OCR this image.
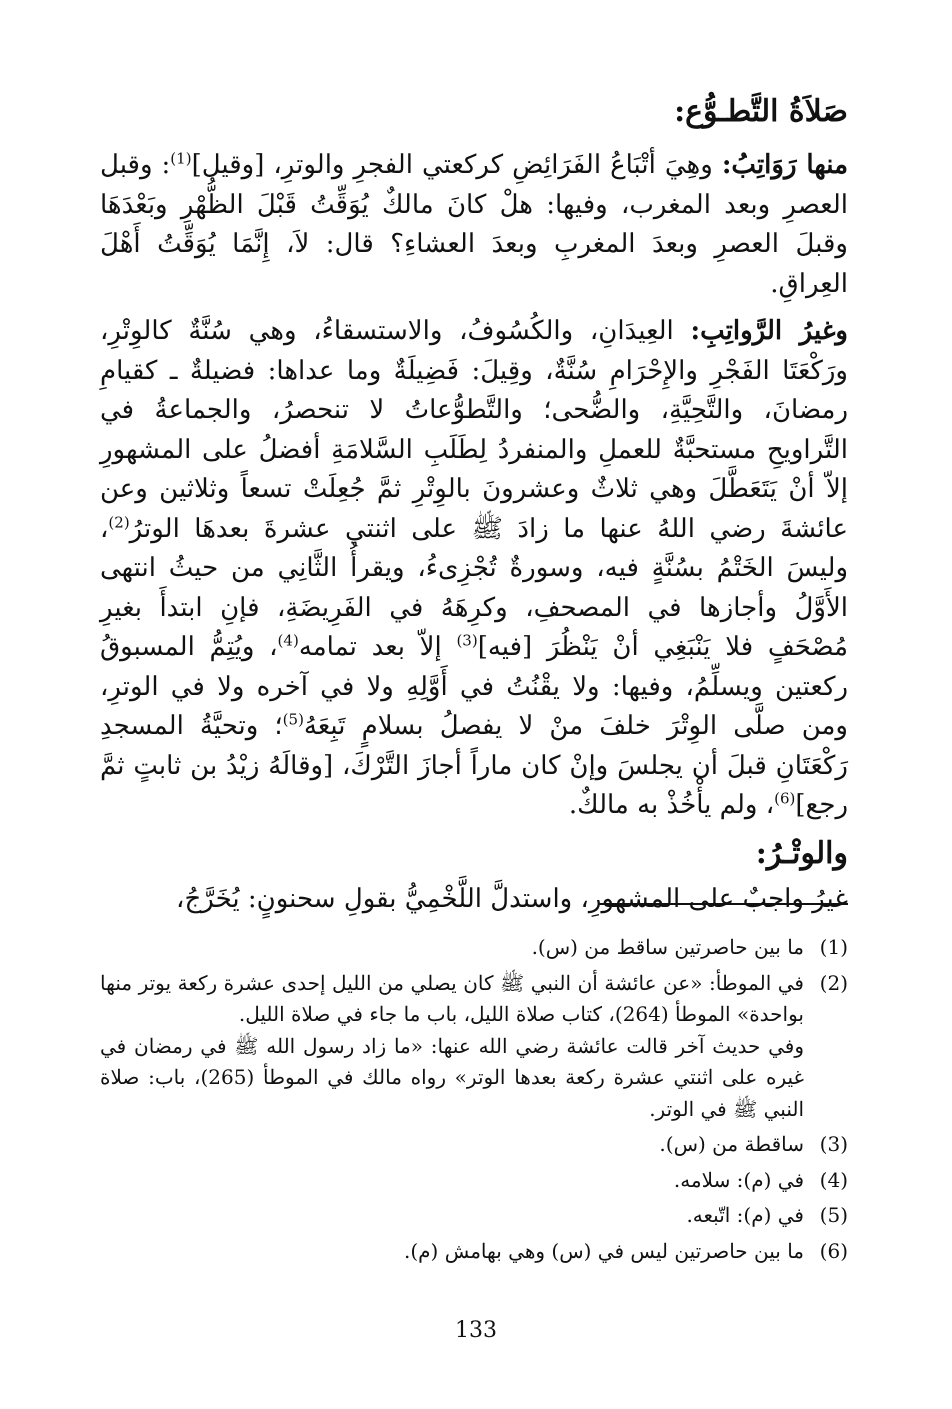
صَلاَةُ التَّطـوُّع:

منها رَوَاتِبُ: وهِيَ أتْبَاعُ الفَرَائِضِ كركعتي الفجرِ والوترِ، [وقيل]$^{(1)}$: وقبل العصرِ وبعد المغرب، وفيها: هلْ كانَ مالكٌ يُوَقِّتُ قَبْلَ الظُّهْرِ وبَعْدَهَا وقبلَ العصرِ وبعدَ المغربِ وبعدَ العشاءِ؟ قال: لاَ، إِنَّمَا يُوَقِّتُ أَهْلَ العِراقِ.

وغيرُ الرَّواتِبِ: العِيدَانِ، والكُسُوفُ، والاستسقاءُ، وهي سُنَّةٌ كالوِتْرِ، ورَكْعَتَا الفَجْرِ والإِحْرَامِ سُنَّةٌ، وقِيلَ: فَضِيلَةٌ وما عداها: فضيلةٌ ـ كقيامِ رمضانَ، والتَّحِيَّةِ، والضُّحى؛ والتَّطوُّعاتُ لا تنحصرُ، والجماعةُ في التَّراويحِ مستحبَّةٌ للعملِ والمنفردُ لِطَلَبِ السَّلامَةِ أفضلُ على المشهورِ إلاّ أنْ يَتَعَطَّلَ وهي ثلاثٌ وعشرونَ بالوِتْرِ ثمَّ جُعِلَتْ تسعاً وثلاثين وعن عائشةَ رضي اللهُ عنها ما زادَ ﷺ على اثنتي عشرةَ بعدهَا الوترُ$^{(2)}$، وليسَ الخَتْمُ بسُنَّةٍ فيه، وسورةٌ تُجْزِىءُ، ويقرأُ الثَّانِي من حيثُ انتهى الأَوَّلُ وأجازها في المصحفِ، وكرِهَهُ في الفَرِيضَةِ، فإنِ ابتدأَ بغيرِ مُصْحَفٍ فلا يَنْبَغِي أنْ يَنْظُرَ [فيه]$^{(3)}$ إلاّ بعد تمامه$^{(4)}$، ويُتِمُّ المسبوقُ ركعتين ويسلِّمُ، وفيها: ولا يقْنُتُ في أَوَّلِهِ ولا في آخره ولا في الوترِ، ومن صلَّى الوِتْرَ خلفَ منْ لا يفصلُ بسلامٍ تَبِعَهُ$^{(5)}$؛ وتحيَّةُ المسجدِ رَكْعَتَانِ قبلَ أن يجلسَ وإنْ كان ماراً أجازَ التَّرْكَ، [وقالَهُ زيْدُ بن ثابتٍ ثمَّ رجع]$^{(6)}$، ولم يأْخُذْ به مالكٌ.

والوتْـرُ:

غيرُ واجبٌ على المشهورِ، واستدلَّ اللَّخْمِيُّ بقولِ سحنونٍ: يُخَرَّجُ،

(1)

ما بين حاصرتين ساقط من (س).

(2)

في الموطأ: «عن عائشة أن النبي ﷺ كان يصلي من الليل إحدى عشرة ركعة يوتر منها بواحدة» الموطأ (264)، كتاب صلاة الليل، باب ما جاء في صلاة الليل.

وفي حديث آخر قالت عائشة رضي الله عنها: «ما زاد رسول الله ﷺ في رمضان في غيره على اثنتي عشرة ركعة بعدها الوتر» رواه مالك في الموطأ (265)، باب: صلاة النبي ﷺ في الوتر.

(3)

ساقطة من (س).

(4)

في (م): سلامه.

(5)

في (م): اتّبعه.

(6)

ما بين حاصرتين ليس في (س) وهي بهامش (م).

133
